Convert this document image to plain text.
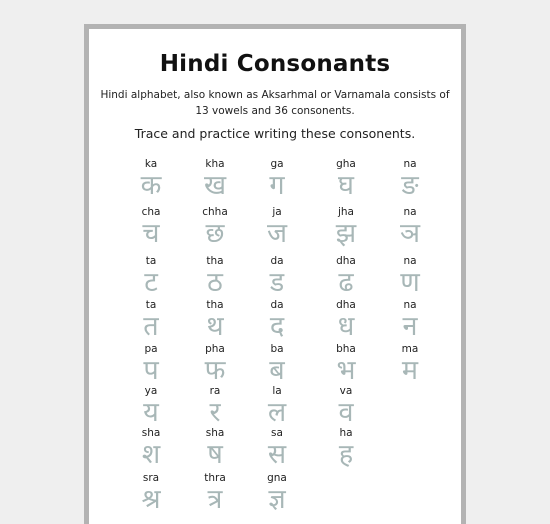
Hindi Consonants
Hindi alphabet, also known as Aksarhmal or Varnamala consists of 13 vowels and 36 consonents.
Trace and practice writing these consonents.
ka
क
kha
ख
ga
ग
gha
घ
na
ङ
cha
च
chha
छ
ja
ज
jha
झ
na
ञ
ta
ट
tha
ठ
da
ड
dha
ढ
na
ण
ta
त
tha
थ
da
द
dha
ध
na
न
pa
प
pha
फ
ba
ब
bha
भ
ma
म
ya
य
ra
र
la
ल
va
व
sha
श
sha
ष
sa
स
ha
ह
sra
श्र
thra
त्र
gna
ज्ञ
